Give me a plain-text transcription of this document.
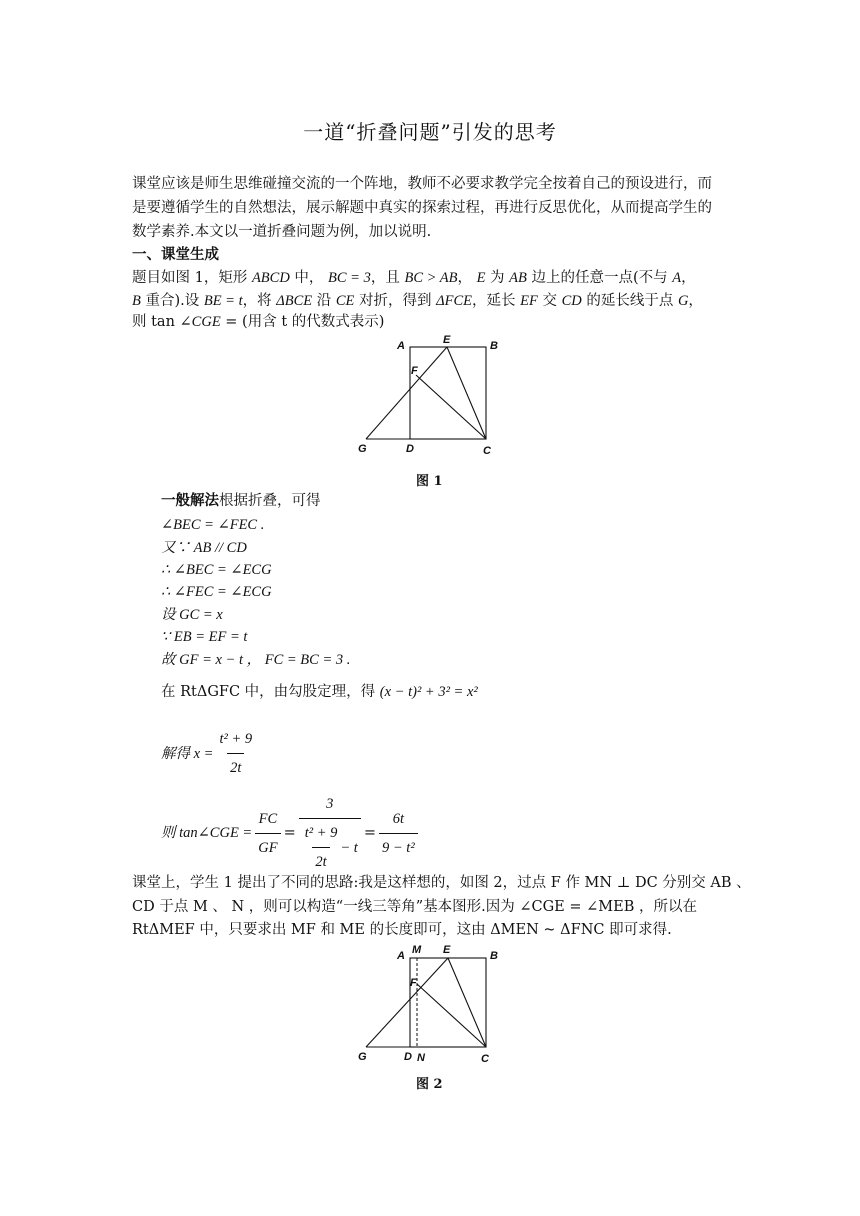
一道“折叠问题”引发的思考
课堂应该是师生思维碰撞交流的一个阵地，教师不必要求教学完全按着自己的预设进行，而
是要遵循学生的自然想法，展示解题中真实的探索过程，再进行反思优化，从而提高学生的
数学素养.本文以一道折叠问题为例，加以说明.
一、课堂生成
题目如图 1，矩形 ABCD 中， BC = 3，且 BC > AB， E 为 AB 边上的任意一点(不与 A，
B 重合).设 BE = t，将 ΔBCE 沿 CE 对折，得到 ΔFCE，延长 EF 交 CD 的延长线于点 G，
则 tan ∠CGE = (用含 t 的代数式表示)
A	E	B
F
G	D	C
图 1
一般解法根据折叠，可得
∠BEC = ∠FEC .
又∵ AB // CD
∴ ∠BEC = ∠ECG
∴ ∠FEC = ∠ECG
设 GC = x
∵ EB = EF = t
故 GF = x − t ， FC = BC = 3 .
在 RtΔGFC 中，由勾股定理，得 (x − t)² + 3² = x²
解得 $x = \frac{\text{t² + 9}}{2t}$
则 tan∠CGE = $\frac{FC}{GF} = \frac{3}{\frac{\text{t² + 9}}{2t} - t} = \frac{6t}{\text{9 − t²}}$
课堂上，学生 1 提出了不同的思路:我是这样想的，如图 2，过点 F 作 MN ⊥ DC 分别交 AB 、
CD 于点 M 、 N ，则可以构造“一线三等角”基本图形.因为 ∠CGE = ∠MEB ，所以在
RtΔMEF 中，只要求出 MF 和 ME 的长度即可，这由 ΔMEN ~ ΔFNC 即可求得.
A M E	B
F
G	D N	C
图 2
